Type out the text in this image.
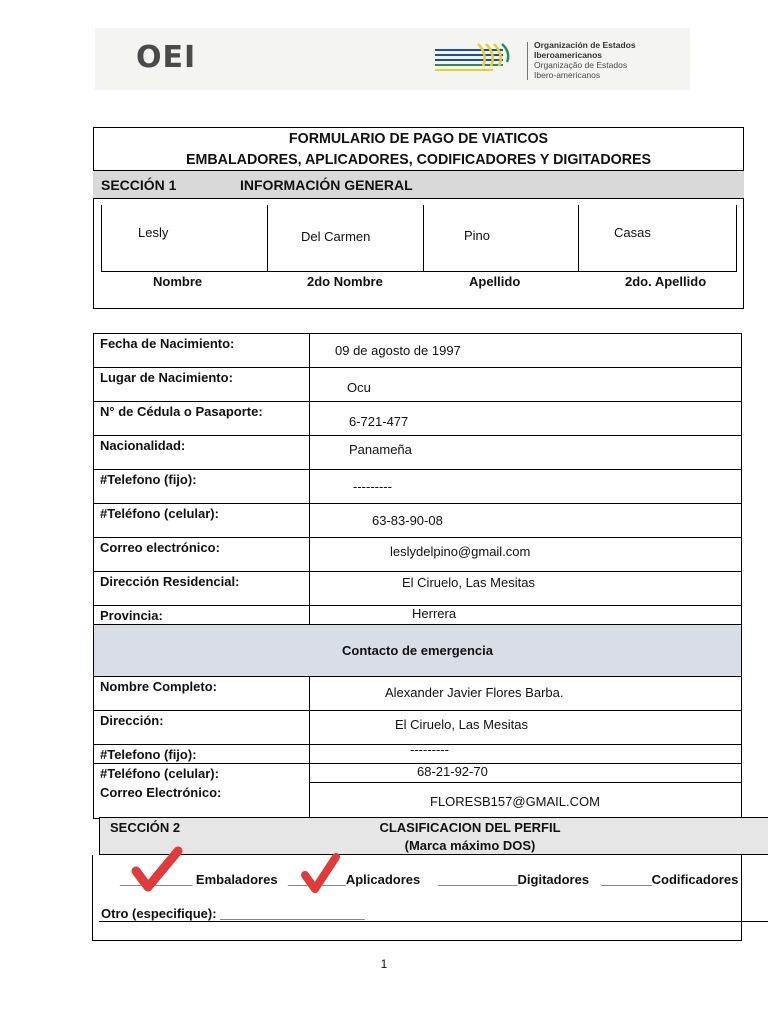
OEI	Organización de Estados
Iberoamericanos
Organização de Estados
Ibero-americanos
FORMULARIO DE PAGO DE VIATICOS
EMBALADORES, APLICADORES, CODIFICADORES Y DIGITADORES
SECCIÓN 1	INFORMACIÓN GENERAL
Lesly	Del Carmen	Pino	Casas
Nombre	2do Nombre	Apellido	2do. Apellido
Fecha de Nacimiento:	09 de agosto de 1997

Lugar de Nacimiento:	Ocu

N° de Cédula o Pasaporte:	6-721-477

Nacionalidad:	Panameña

#Telefono (fijo):	---------

#Teléfono (celular):	63-83-90-08

Correo electrónico:	leslydelpino@gmail.com

Dirección Residencial:	El Ciruelo, Las Mesitas

Provincia:	Herrera

Contacto de emergencia	
Nombre Completo:	Alexander Javier Flores Barba.

Dirección:	El Ciruelo, Las Mesitas

#Telefono (fijo):	---------

#Teléfono (celular):	68-21-92-70

Correo Electrónico:	FLORESB157@GMAIL.COM
SECCIÓN 2	CLASIFICACION DEL PERFIL
(Marca máximo DOS)
__________ Embaladores ________Aplicadores ___________Digitadores _______Codificadores
Otro (especifique): ____________________
1
